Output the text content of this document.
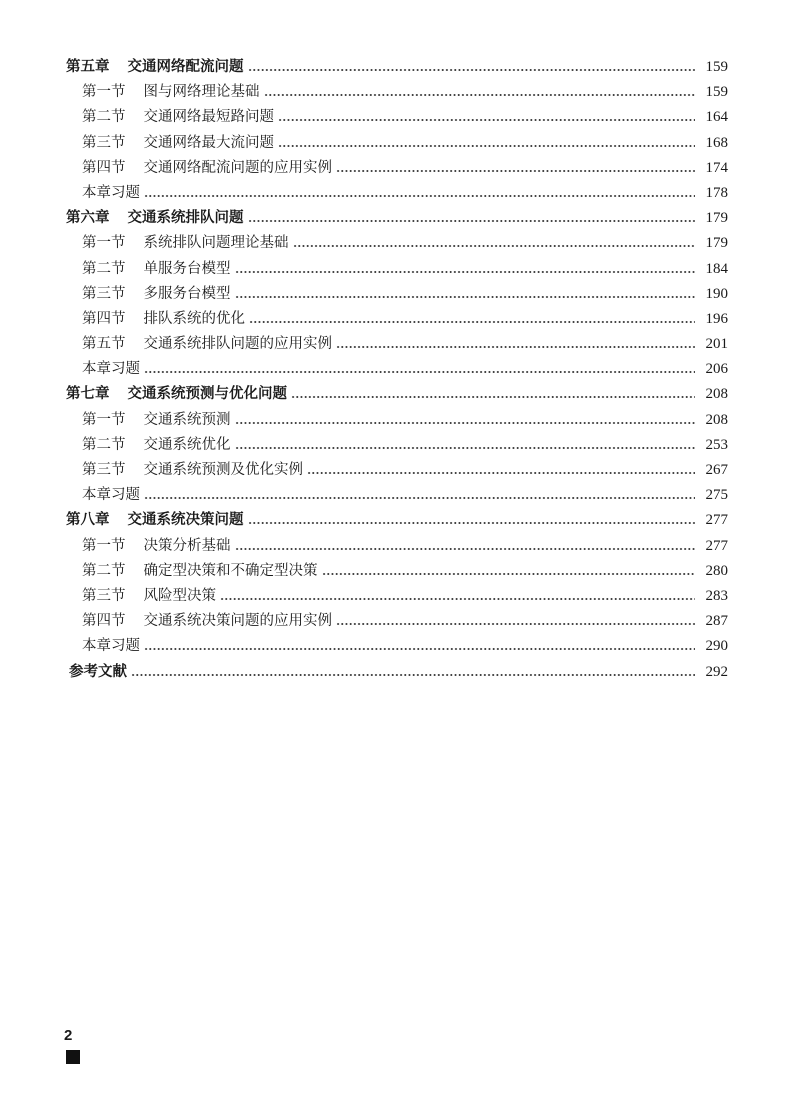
第五章 交通网络配流问题	159
第一节 图与网络理论基础	159
第二节 交通网络最短路问题	164
第三节 交通网络最大流问题	168
第四节 交通网络配流问题的应用实例	174
本章习题	178
第六章 交通系统排队问题	179
第一节 系统排队问题理论基础	179
第二节 单服务台模型	184
第三节 多服务台模型	190
第四节 排队系统的优化	196
第五节 交通系统排队问题的应用实例	201
本章习题	206
第七章 交通系统预测与优化问题	208
第一节 交通系统预测	208
第二节 交通系统优化	253
第三节 交通系统预测及优化实例	267
本章习题	275
第八章 交通系统决策问题	277
第一节 决策分析基础	277
第二节 确定型决策和不确定型决策	280
第三节 风险型决策	283
第四节 交通系统决策问题的应用实例	287
本章习题	290
参考文献	292
2
